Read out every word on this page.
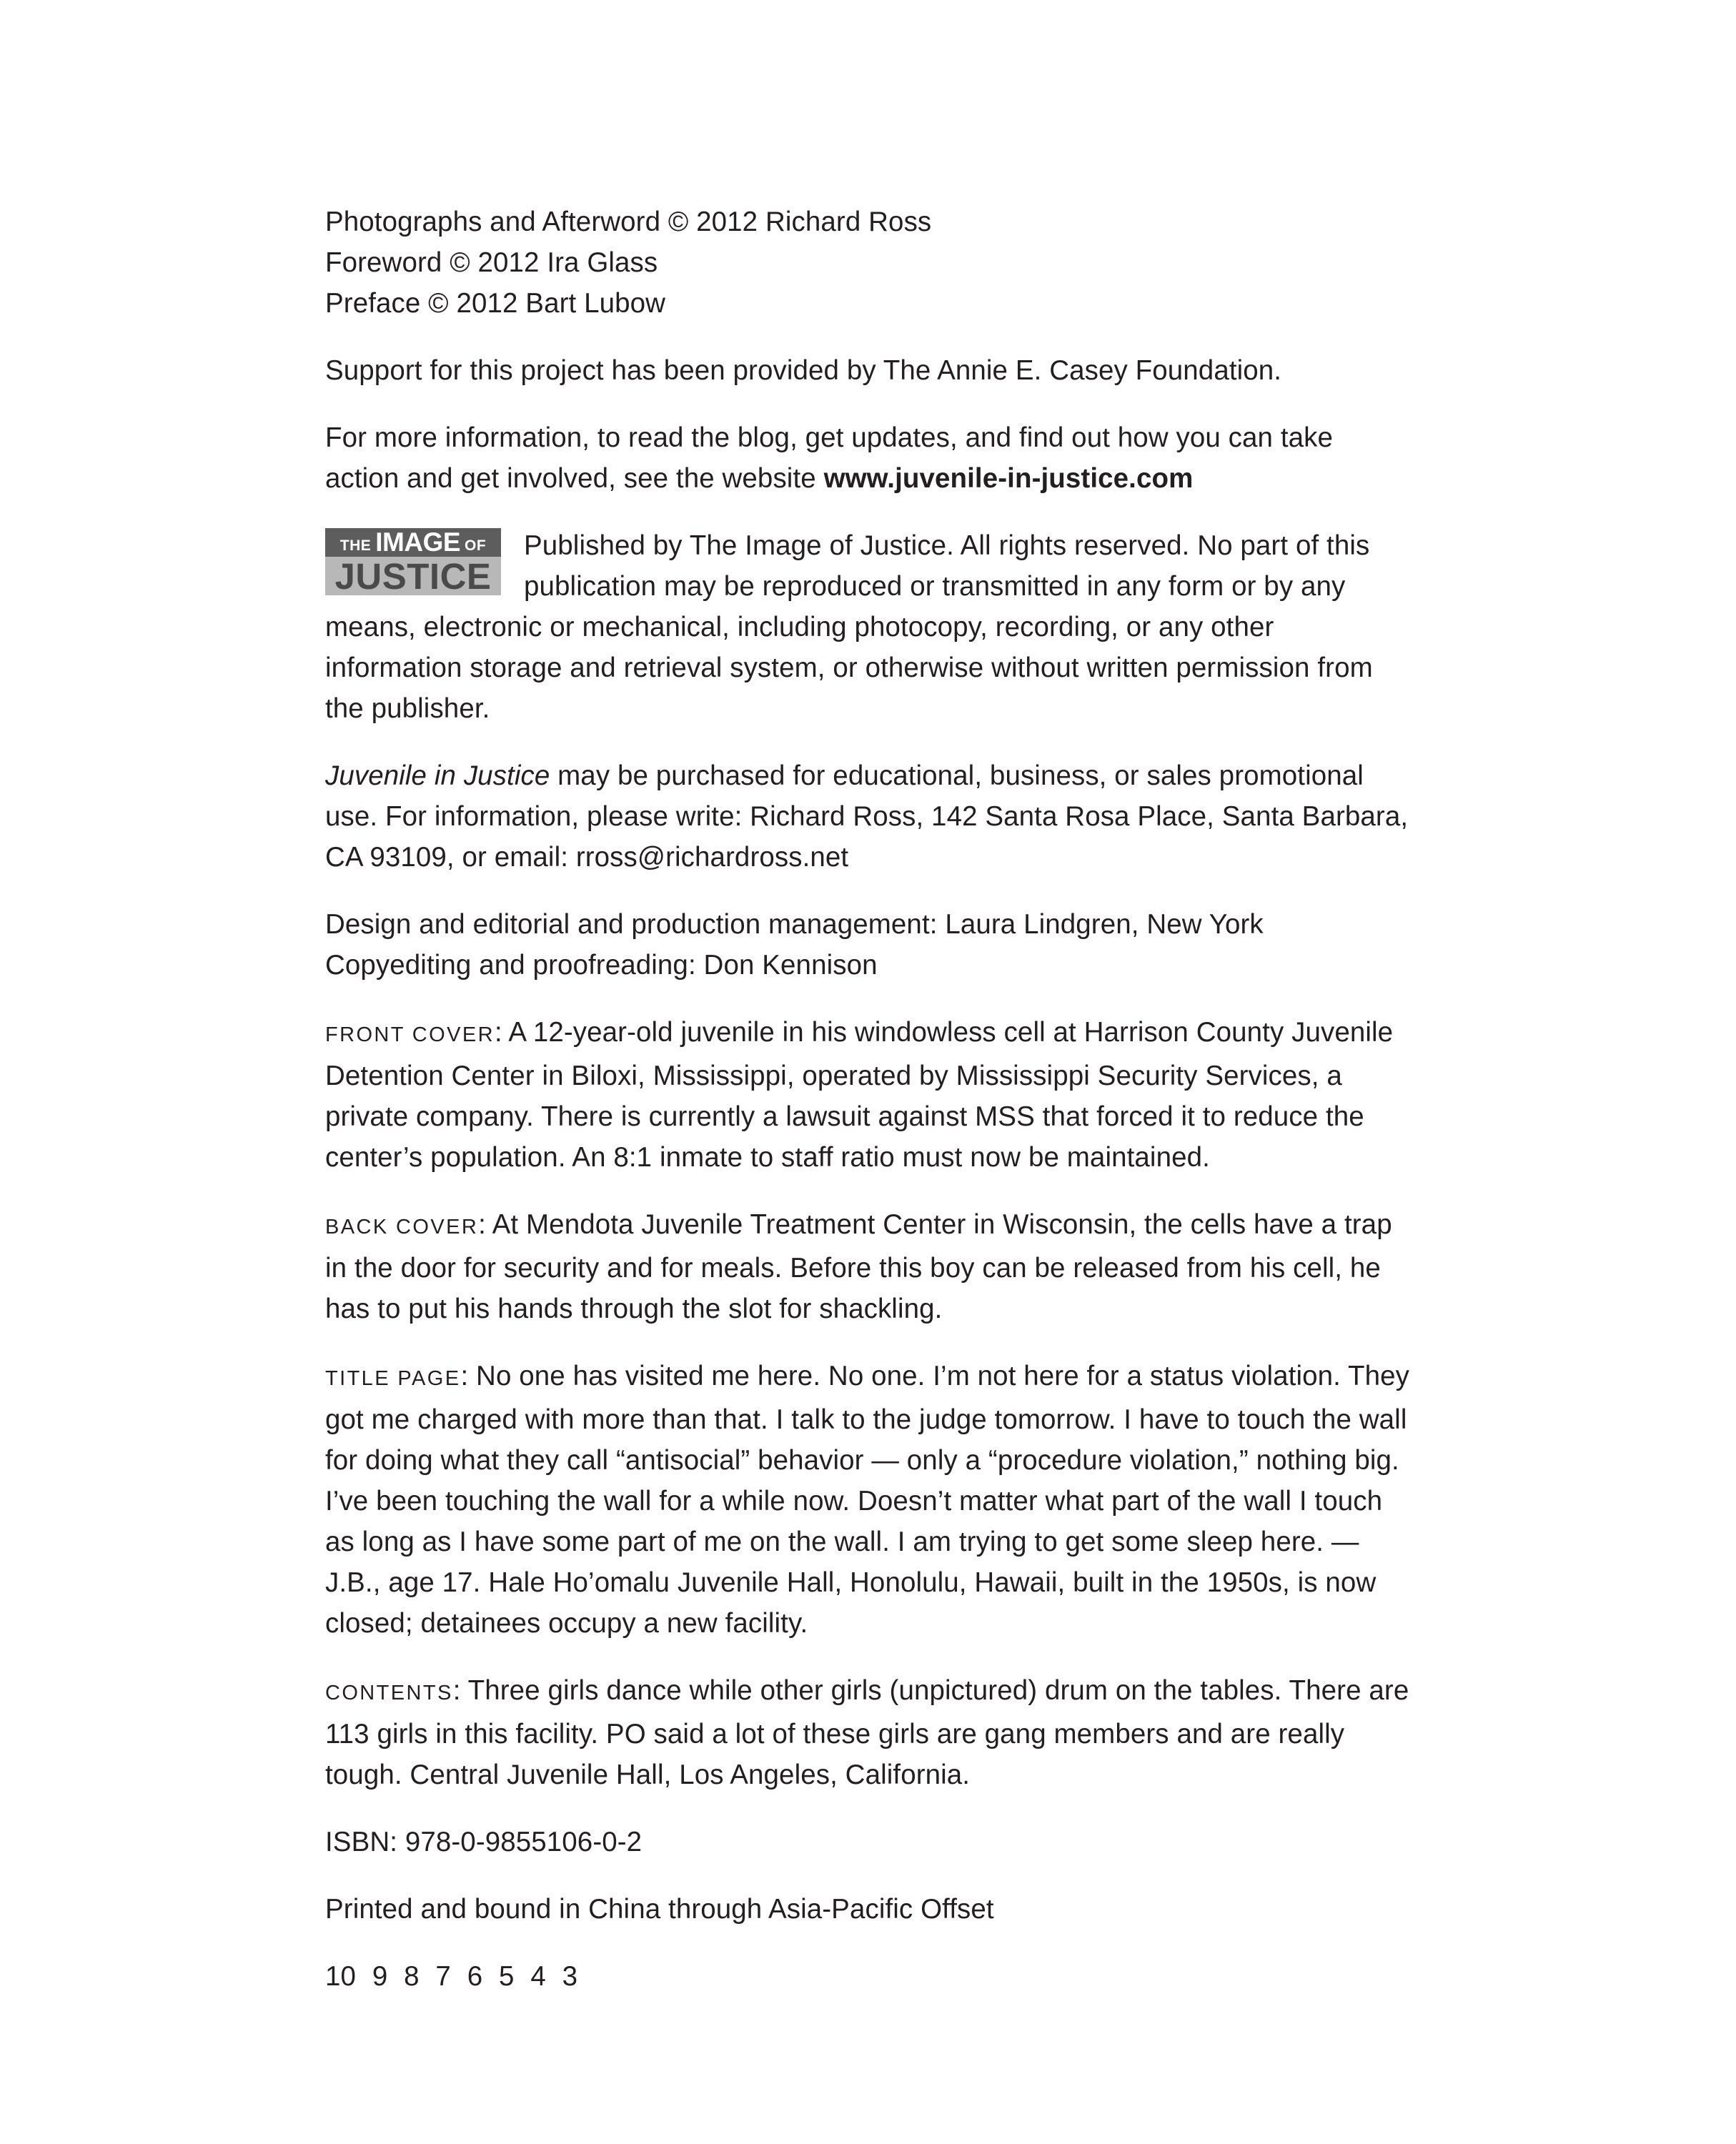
Photographs and Afterword © 2012 Richard Ross

Foreword © 2012 Ira Glass

Preface © 2012 Bart Lubow

Support for this project has been provided by The Annie E. Casey Foundation.

For more information, to read the blog, get updates, and find out how you can take action and get involved, see the website www.juvenile-in-justice.com

THE IMAGE OF
JUSTICE

Published by The Image of Justice. All rights reserved. No part of this publication may be reproduced or transmitted in any form or by any means, electronic or mechanical, including photocopy, recording, or any other information storage and retrieval system, or otherwise without written permission from the publisher.

Juvenile in Justice may be purchased for educational, business, or sales promotional use. For information, please write: Richard Ross, 142 Santa Rosa Place, Santa Barbara, CA 93109, or email: rross@richardross.net

Design and editorial and production management: Laura Lindgren, New York

Copyediting and proofreading: Don Kennison

FRONT COVER: A 12-year-old juvenile in his windowless cell at Harrison County Juvenile Detention Center in Biloxi, Mississippi, operated by Mississippi Security Services, a private company. There is currently a lawsuit against MSS that forced it to reduce the center’s population. An 8:1 inmate to staff ratio must now be maintained.

BACK COVER: At Mendota Juvenile Treatment Center in Wisconsin, the cells have a trap in the door for security and for meals. Before this boy can be released from his cell, he has to put his hands through the slot for shackling.

TITLE PAGE: No one has visited me here. No one. I’m not here for a status violation. They got me charged with more than that. I talk to the judge tomorrow. I have to touch the wall for doing what they call “antisocial” behavior — only a “procedure violation,” nothing big. I’ve been touching the wall for a while now. Doesn’t matter what part of the wall I touch as long as I have some part of me on the wall. I am trying to get some sleep here. — J.B., age 17. Hale Ho’omalu Juvenile Hall, Honolulu, Hawaii, built in the 1950s, is now closed; detainees occupy a new facility.

CONTENTS: Three girls dance while other girls (unpictured) drum on the tables. There are 113 girls in this facility. PO said a lot of these girls are gang members and are really tough. Central Juvenile Hall, Los Angeles, California.

ISBN: 978-0-9855106-0-2

Printed and bound in China through Asia-Pacific Offset

10 9 8 7 6 5 4 3
